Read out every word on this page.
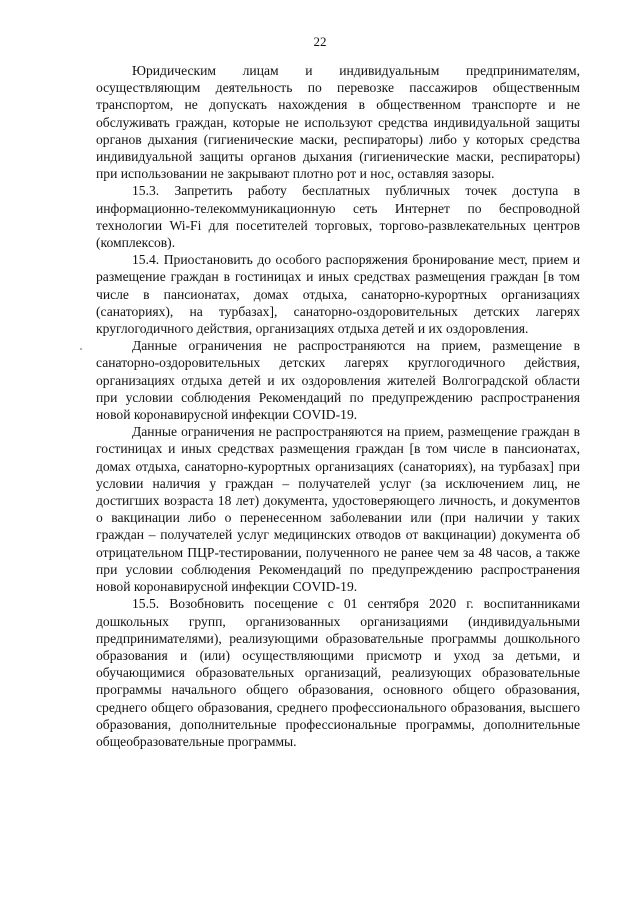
22

Юридическим лицам и индивидуальным предпринимателям, осуществляющим деятельность по перевозке пассажиров общественным транспортом, не допускать нахождения в общественном транспорте и не обслуживать граждан, которые не используют средства индивидуальной защиты органов дыхания (гигиенические маски, респираторы) либо у которых средства индивидуальной защиты органов дыхания (гигиенические маски, респираторы) при использовании не закрывают плотно рот и нос, оставляя зазоры.

15.3. Запретить работу бесплатных публичных точек доступа в информационно-телекоммуникационную сеть Интернет по беспроводной технологии Wi-Fi для посетителей торговых, торгово-развлекательных центров (комплексов).

15.4. Приостановить до особого распоряжения бронирование мест, прием и размещение граждан в гостиницах и иных средствах размещения граждан [в том числе в пансионатах, домах отдыха, санаторно-курортных организациях (санаториях), на турбазах], санаторно-оздоровительных детских лагерях круглогодичного действия, организациях отдыха детей и их оздоровления.

Данные ограничения не распространяются на прием, размещение в санаторно-оздоровительных детских лагерях круглогодичного действия, организациях отдыха детей и их оздоровления жителей Волгоградской области при условии соблюдения Рекомендаций по предупреждению распространения новой коронавирусной инфекции COVID-19.

Данные ограничения не распространяются на прием, размещение граждан в гостиницах и иных средствах размещения граждан [в том числе в пансионатах, домах отдыха, санаторно-курортных организациях (санаториях), на турбазах] при условии наличия у граждан – получателей услуг (за исключением лиц, не достигших возраста 18 лет) документа, удостоверяющего личность, и документов о вакцинации либо о перенесенном заболевании или (при наличии у таких граждан – получателей услуг медицинских отводов от вакцинации) документа об отрицательном ПЦР-тестировании, полученного не ранее чем за 48 часов, а также при условии соблюдения Рекомендаций по предупреждению распространения новой коронавирусной инфекции COVID-19.

15.5. Возобновить посещение с 01 сентября 2020 г. воспитанниками дошкольных групп, организованных организациями (индивидуальными предпринимателями), реализующими образовательные программы дошкольного образования и (или) осуществляющими присмотр и уход за детьми, и обучающимися образовательных организаций, реализующих образовательные программы начального общего образования, основного общего образования, среднего общего образования, среднего профессионального образования, высшего образования, дополнительные профессиональные программы, дополнительные общеобразовательные программы.
